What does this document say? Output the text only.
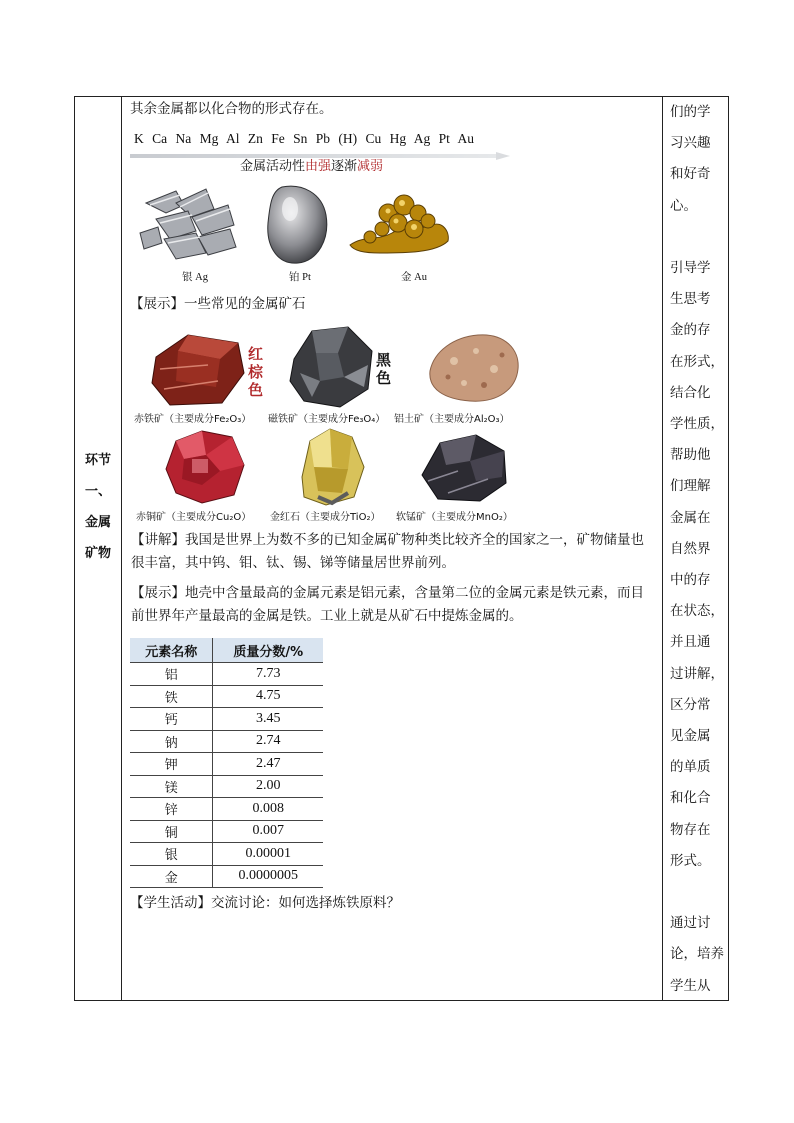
环节
一、
金属
矿物
其余金属都以化合物的形式存在。
K Ca Na Mg Al Zn Fe Sn Pb (H) Cu Hg Ag Pt Au
金属活动性由强逐渐减弱
银 Ag	铂 Pt	金 Au
【展示】一些常见的金属矿石
红
棕
色
黑
色
赤铁矿（主要成分Fe₂O₃） 磁铁矿（主要成分Fe₃O₄） 铝土矿（主要成分Al₂O₃）
赤铜矿（主要成分Cu₂O） 金红石（主要成分TiO₂） 软锰矿（主要成分MnO₂）
【讲解】我国是世界上为数不多的已知金属矿物种类比较齐全的国家之一，矿物储量也
很丰富，其中钨、钼、钛、锡、锑等储量居世界前列。
【展示】地壳中含量最高的金属元素是铝元素，含量第二位的金属元素是铁元素，而目
前世界年产量最高的金属是铁。工业上就是从矿石中提炼金属的。
元素名称	质量分数/%
铝	7.73
铁	4.75
钙	3.45
钠	2.74
钾	2.47
镁	2.00
锌	0.008
铜	0.007
银	0.00001
金	0.0000005
【学生活动】交流讨论：如何选择炼铁原料？
们的学
习兴趣
和好奇
心。

引导学
生思考
金的存
在形式，
结合化
学性质，
帮助他
们理解
金属在
自然界
中的存
在状态，
并且通
过讲解，
区分常
见金属
的单质
和化合
物存在
形式。

通过讨
论，培养
学生从
